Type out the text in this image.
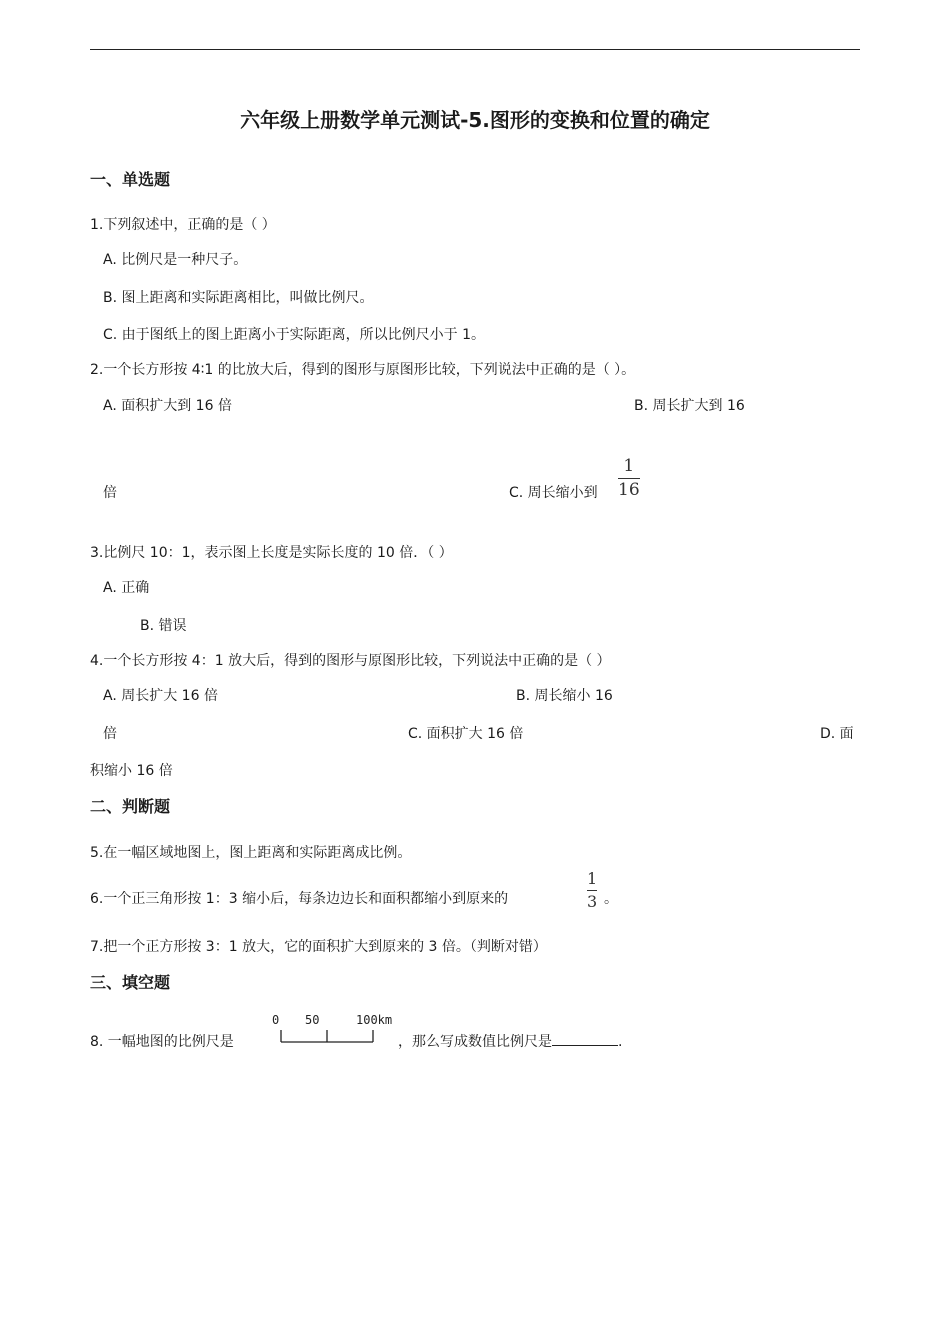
六年级上册数学单元测试-5.图形的变换和位置的确定
一、单选题
1.下列叙述中，正确的是（ ）
A. 比例尺是一种尺子。
B. 图上距离和实际距离相比，叫做比例尺。
C. 由于图纸上的图上距离小于实际距离，所以比例尺小于 1。
2.一个长方形按 4∶1 的比放大后，得到的图形与原图形比较，下列说法中正确的是（ ）。
A. 面积扩大到 16 倍	B. 周长扩大到 16
倍	C. 周长缩小到
1
16
3.比例尺 10：1，表示图上长度是实际长度的 10 倍．（ ）
A. 正确
B. 错误
4.一个长方形按 4：1 放大后，得到的图形与原图形比较，下列说法中正确的是（ ）
A. 周长扩大 16 倍	B. 周长缩小 16
倍	C. 面积扩大 16 倍	D. 面
积缩小 16 倍
二、判断题
5.在一幅区域地图上，图上距离和实际距离成比例。
6.一个正三角形按 1：3 缩小后，每条边边长和面积都缩小到原来的
1
3 。
7.把一个正方形按 3：1 放大，它的面积扩大到原来的 3 倍。（判断对错）
三、填空题
8. 一幅地图的比例尺是
0 50	100km
，那么写成数值比例尺是	.
